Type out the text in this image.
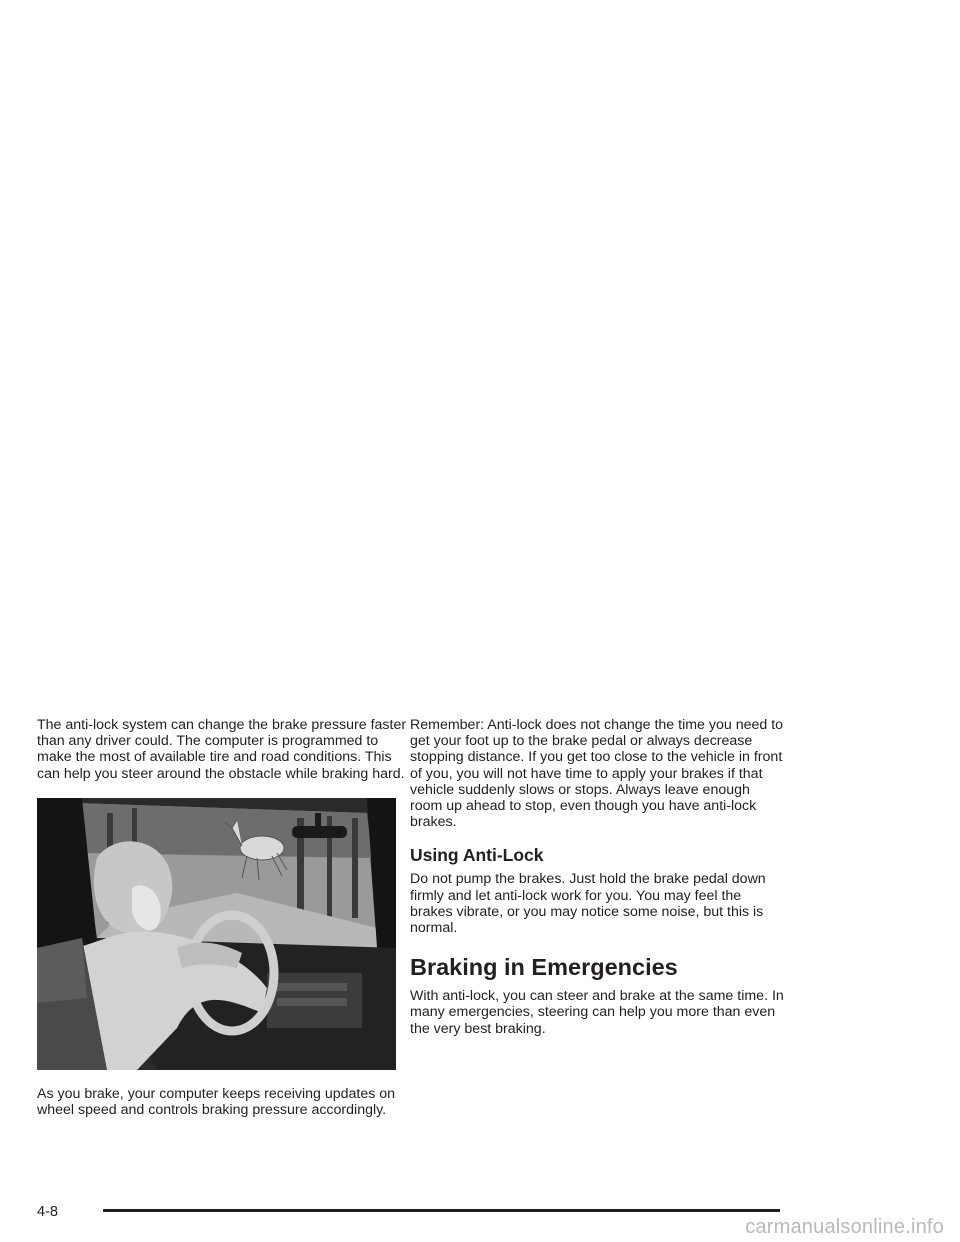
The anti-lock system can change the brake pressure faster than any driver could. The computer is programmed to make the most of available tire and road conditions. This can help you steer around the obstacle while braking hard.

As you brake, your computer keeps receiving updates on wheel speed and controls braking pressure accordingly.

Remember: Anti-lock does not change the time you need to get your foot up to the brake pedal or always decrease stopping distance. If you get too close to the vehicle in front of you, you will not have time to apply your brakes if that vehicle suddenly slows or stops. Always leave enough room up ahead to stop, even though you have anti-lock brakes.

Using Anti-Lock

Do not pump the brakes. Just hold the brake pedal down firmly and let anti-lock work for you. You may feel the brakes vibrate, or you may notice some noise, but this is normal.

Braking in Emergencies

With anti-lock, you can steer and brake at the same time. In many emergencies, steering can help you more than even the very best braking.

4-8
carmanualsonline.info
